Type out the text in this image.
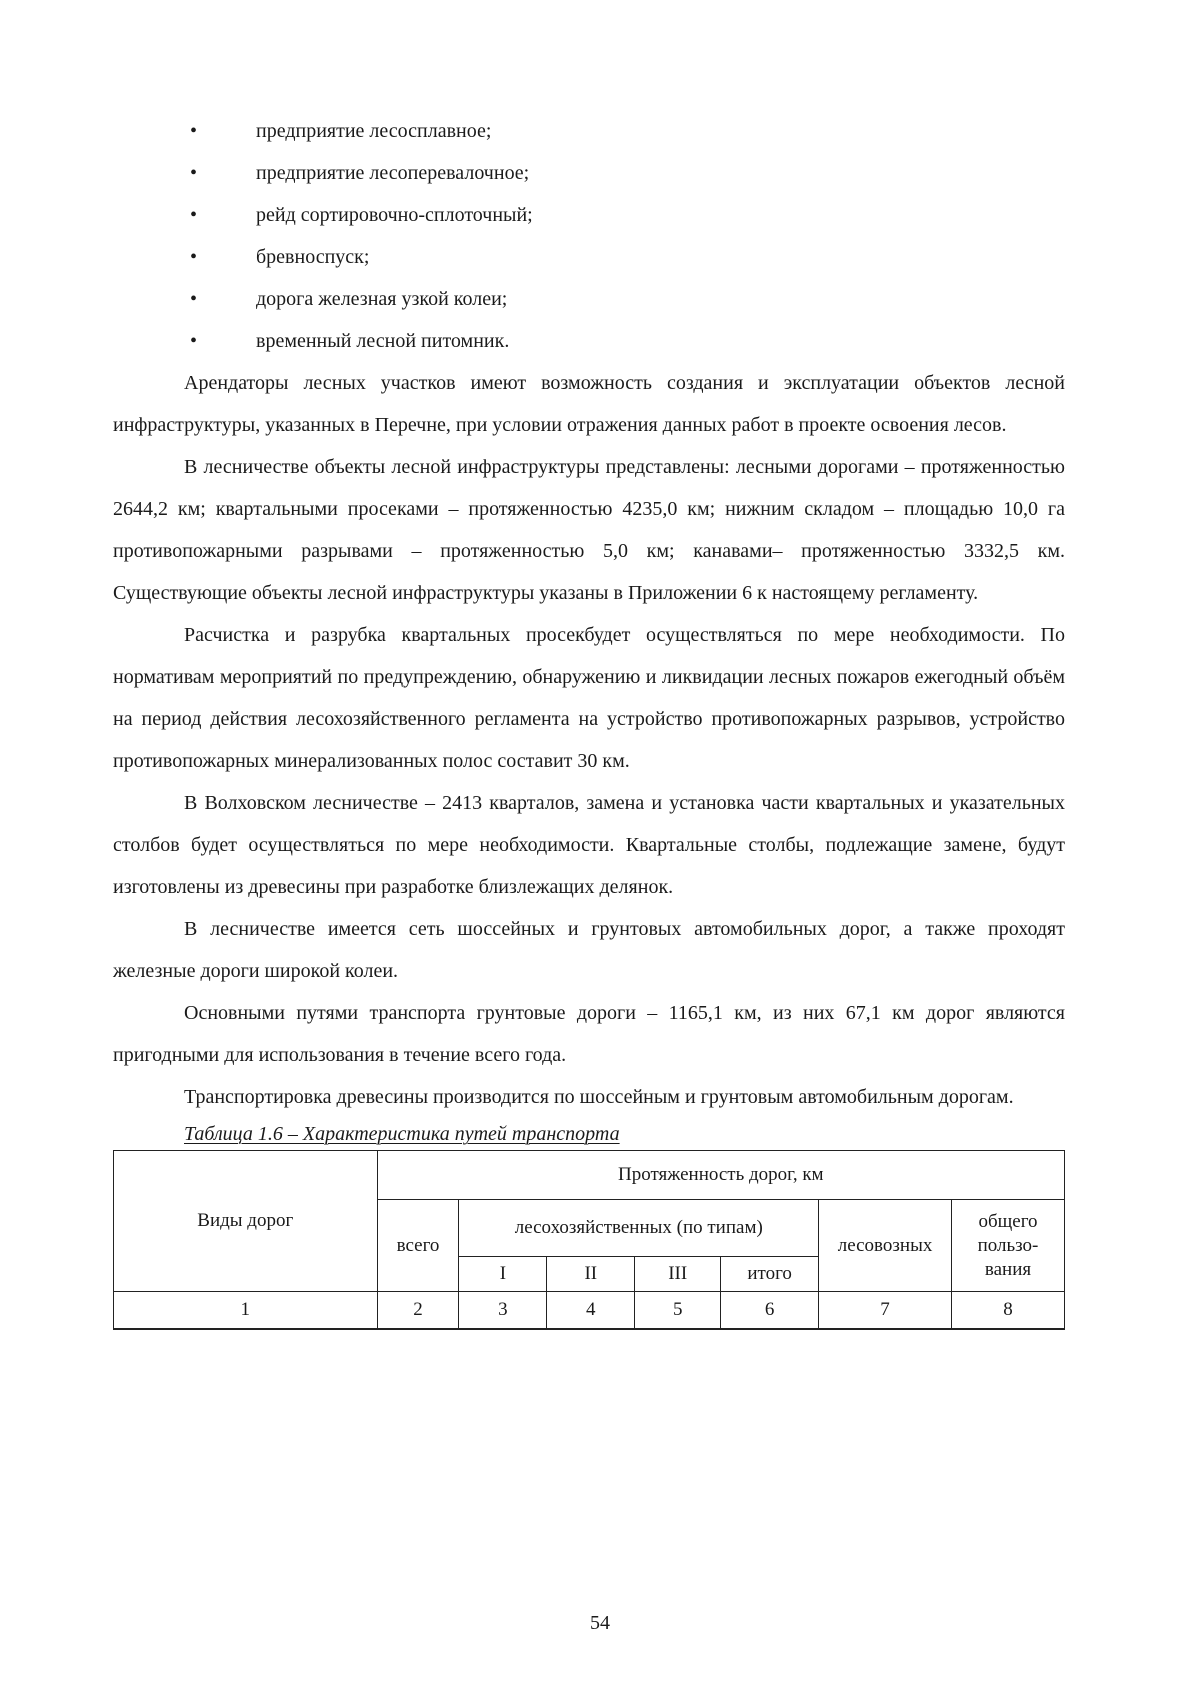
•	предприятие лесосплавное;
•	предприятие лесоперевалочное;
•	рейд сортировочно-сплоточный;
•	бревноспуск;
•	дорога железная узкой колеи;
•	временный лесной питомник.

Арендаторы лесных участков имеют возможность создания и эксплуатации объектов лесной инфраструктуры, указанных в Перечне, при условии отражения данных работ в проекте освоения лесов.

В лесничестве объекты лесной инфраструктуры представлены: лесными дорогами – протяженностью 2644,2 км; квартальными просеками – протяженностью 4235,0 км; нижним складом – площадью 10,0 га противопожарными разрывами – протяженностью 5,0 км; канавами– протяженностью 3332,5 км. Существующие объекты лесной инфраструктуры указаны в Приложении 6 к настоящему регламенту.

Расчистка и разрубка квартальных просекбудет осуществляться по мере необходимости. По нормативам мероприятий по предупреждению, обнаружению и ликвидации лесных пожаров ежегодный объём на период действия лесохозяйственного регламента на устройство противопожарных разрывов, устройство противопожарных минерализованных полос составит 30 км.

В Волховском лесничестве – 2413 кварталов, замена и установка части квартальных и указательных столбов будет осуществляться по мере необходимости. Квартальные столбы, подлежащие замене, будут изготовлены из древесины при разработке близлежащих делянок.

В лесничестве имеется сеть шоссейных и грунтовых автомобильных дорог, а также проходят железные дороги широкой колеи.

Основными путями транспорта грунтовые дороги – 1165,1 км, из них 67,1 км дорог являются пригодными для использования в течение всего года.

Транспортировка древесины производится по шоссейным и грунтовым автомобильным дорогам.

Таблица 1.6 – Характеристика путей транспорта

Виды дорог	Протяженность дорог, км						
	всего	лесохозяйственных (по типам)				лесовозных	общего пользо-вания
		I	II	III	итого		
1	2	3	4	5	6	7	8
54
